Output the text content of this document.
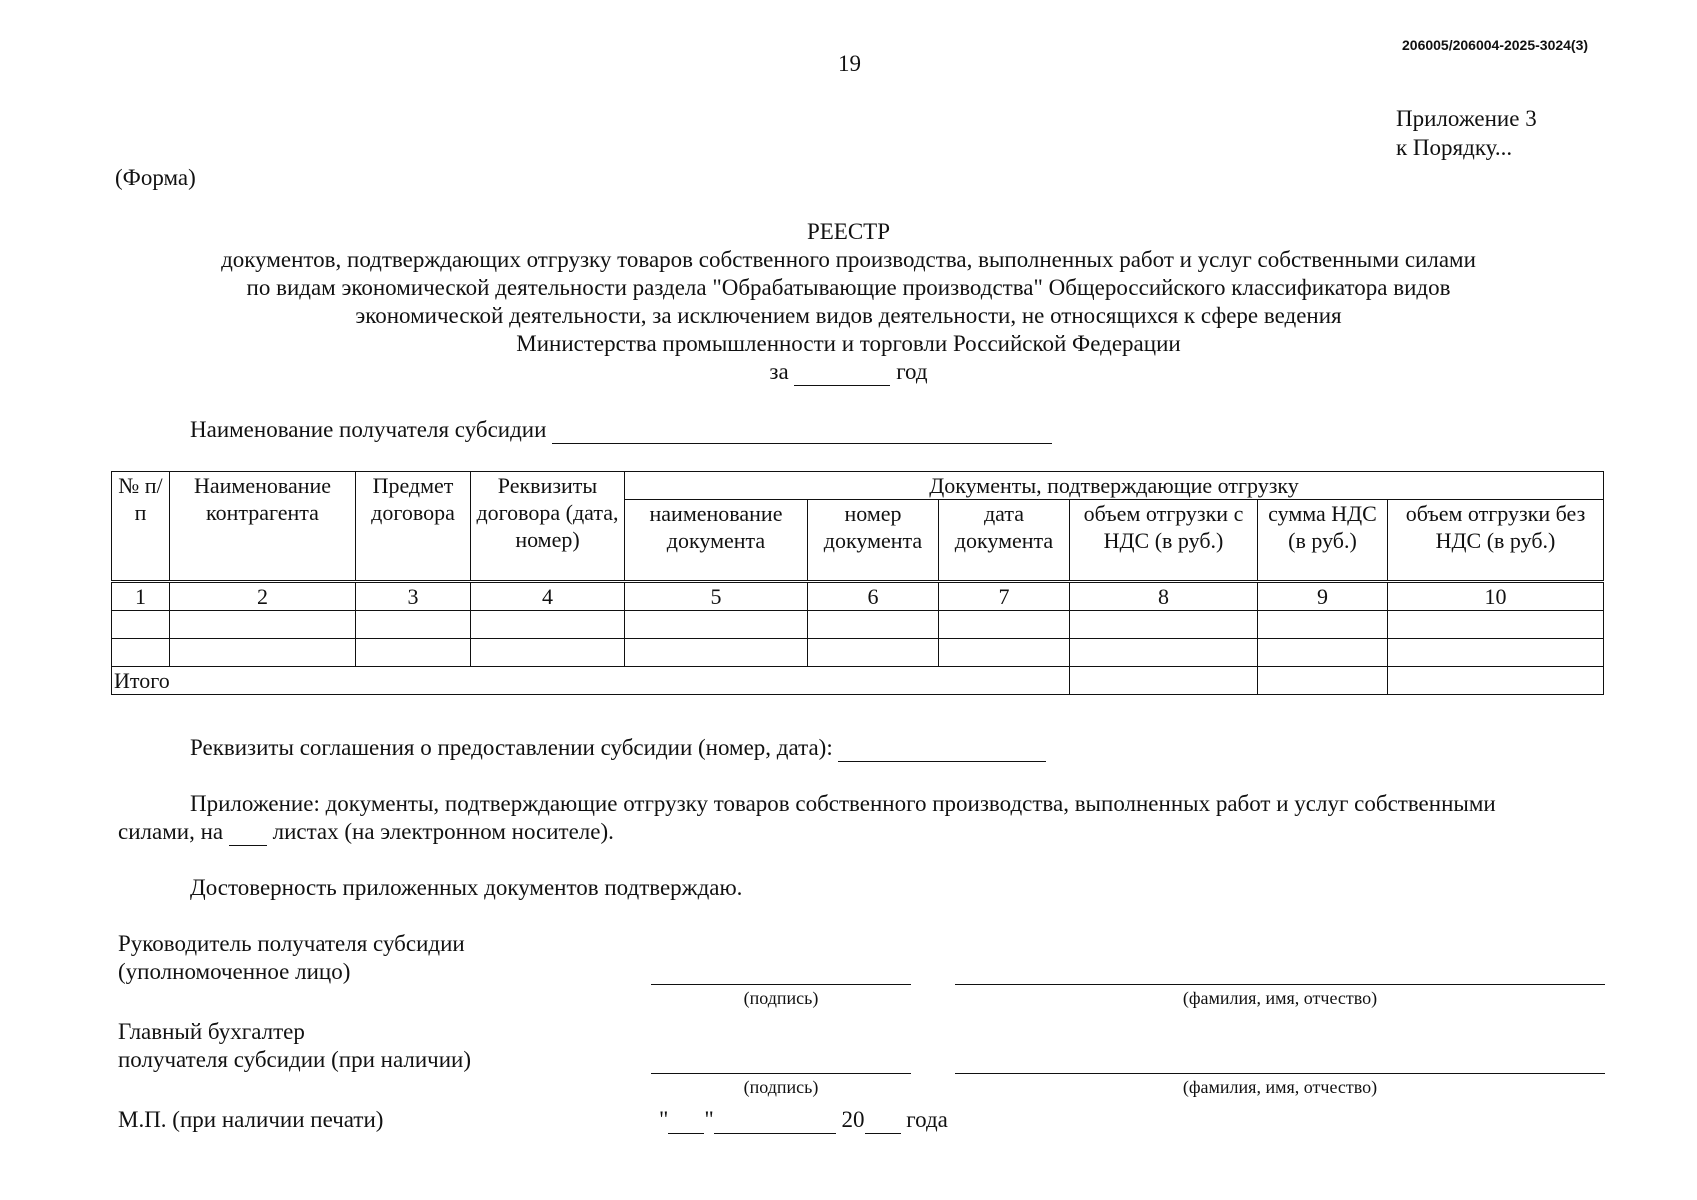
206005/206004-2025-3024(3)
19
Приложение 3
к Порядку...
(Форма)
РЕЕСТР
документов, подтверждающих отгрузку товаров собственного производства, выполненных работ и услуг собственными силами
по видам экономической деятельности раздела "Обрабатывающие производства" Общероссийского классификатора видов
экономической деятельности, за исключением видов деятельности, не относящихся к сфере ведения
Министерства промышленности и торговли Российской Федерации
за	год
Наименование получателя субсидии
№ п/п	Наименование контрагента	Предмет договора	Реквизиты договора (дата, номер)	Документы, подтверждающие отгрузку					
				наименование документа	номер документа	дата документа	объем отгрузки с НДС (в руб.)	сумма НДС (в руб.)	объем отгрузки без НДС (в руб.)
1	2	3	4	5	6	7	8	9	10

Итого									
Реквизиты соглашения о предоставлении субсидии (номер, дата):
Приложение: документы, подтверждающие отгрузку товаров собственного производства, выполненных работ и услуг собственными
силами, на листах (на электронном носителе).
Достоверность приложенных документов подтверждаю.
Руководитель получателя субсидии
(уполномоченное лицо)
(подпись)	(фамилия, имя, отчество)
Главный бухгалтер
получателя субсидии (при наличии)
(подпись)	(фамилия, имя, отчество)
М.П. (при наличии печати)	" "	20 года
